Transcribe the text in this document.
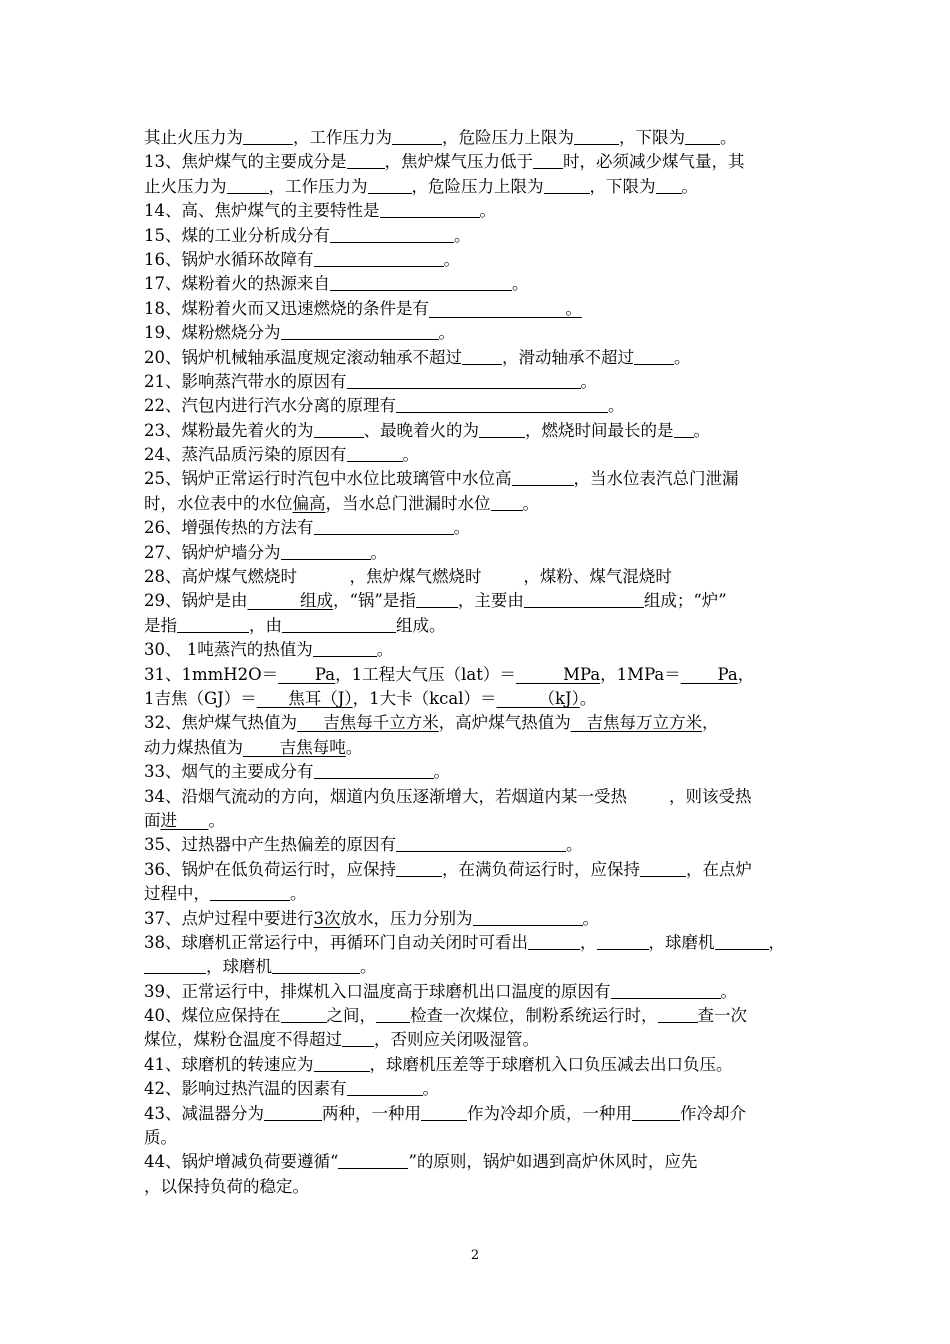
其止火压力为	，工作压力为	，危险压力上限为	，下限为 。
13、焦炉煤气的主要成分是 ，焦炉煤气压力低于 时，必须减少煤气量，其
止火压力为	，工作压力为	，危险压力上限为	，下限为 。
14、高、焦炉煤气的主要特性是	。
15、煤的工业分析成分有	。
16、锅炉水循环故障有	。
17、煤粉着火的热源来自	。
18、煤粉着火而又迅速燃烧的条件是有                          。
19、煤粉燃烧分为	。
20、锅炉机械轴承温度规定滚动轴承不超过 ，滑动轴承不超过 。
21、影响蒸汽带水的原因有	。
22、汽包内进行汽水分离的原理有	。
23、煤粉最先着火的为	、最晚着火的为	，燃烧时间最长的是 。
24、蒸汽品质污染的原因有	。
25、锅炉正常运行时汽包中水位比玻璃管中水位高	，当水位表汽总门泄漏
时，水位表中的水位偏高，当水总门泄漏时水位 。
26、增强传热的方法有	。
27、锅炉炉墙分为	。
28、高炉煤气燃烧时          ，焦炉煤气燃烧时        ，煤粉、煤气混烧时
29、锅炉是由          组成，“锅”是指	，主要由	组成；“炉”
是指	，由	组成。
30、 1吨蒸汽的热值为	。
31、1mmH2O＝       Pa，1工程大气压（lat）＝         MPa，1MPa＝       Pa，
1吉焦（GJ）＝      焦耳（J），1大卡（kcal）＝        （kJ）。
32、焦炉煤气热值为     吉焦每千立方米，高炉煤气热值为   吉焦每万立方米，
动力煤热值为       吉焦每吨。
33、烟气的主要成分有	。
34、沿烟气流动的方向，烟道内负压逐渐增大，若烟道内某一受热        ，则该受热
面进      。
35、过热器中产生热偏差的原因有	。
36、锅炉在低负荷运行时，应保持	，在满负荷运行时，应保持	，在点炉
过程中，	。
37、点炉过程中要进行3次放水，压力分别为	。
38、球磨机正常运行中，再循环门自动关闭时可看出	，	，球磨机	，
，球磨机	。
39、正常运行中，排煤机入口温度高于球磨机出口温度的原因有	。
40、煤位应保持在	之间， 检查一次煤位，制粉系统运行时， 查一次
煤位，煤粉仓温度不得超过 ，否则应关闭吸湿管。
41、球磨机的转速应为	，球磨机压差等于球磨机入口负压减去出口负压。
42、影响过热汽温的因素有	。
43、减温器分为	两种，一种用	作为冷却介质，一种用	作冷却介
质。
44、锅炉增减负荷要遵循“	”的原则，锅炉如遇到高炉休风时，应先
，以保持负荷的稳定。
2
